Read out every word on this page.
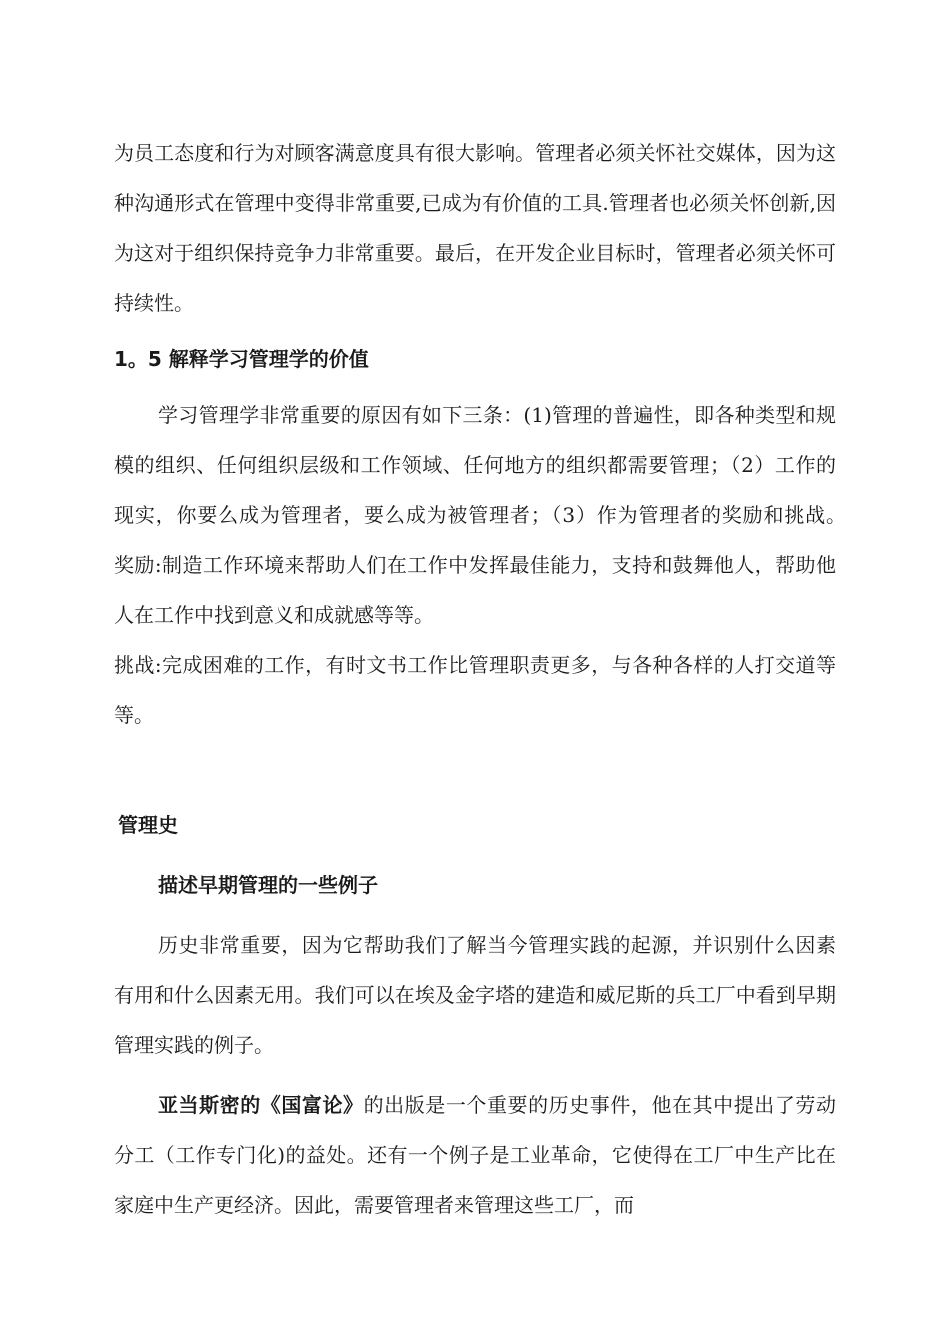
为员工态度和行为对顾客满意度具有很大影响。管理者必须关怀社交媒体，因为这种沟通形式在管理中变得非常重要,已成为有价值的工具.管理者也必须关怀创新,因为这对于组织保持竞争力非常重要。最后，在开发企业目标时，管理者必须关怀可持续性。

1。5 解释学习管理学的价值

学习管理学非常重要的原因有如下三条：(1)管理的普遍性，即各种类型和规模的组织、任何组织层级和工作领域、任何地方的组织都需要管理；（2）工作的现实，你要么成为管理者，要么成为被管理者；（3）作为管理者的奖励和挑战。　 奖励:制造工作环境来帮助人们在工作中发挥最佳能力，支持和鼓舞他人，帮助他人在工作中找到意义和成就感等等。

挑战:完成困难的工作，有时文书工作比管理职责更多，与各种各样的人打交道等等。

管理史
描述早期管理的一些例子

历史非常重要，因为它帮助我们了解当今管理实践的起源，并识别什么因素有用和什么因素无用。我们可以在埃及金字塔的建造和威尼斯的兵工厂中看到早期管理实践的例子。

亚当斯密的《国富论》的出版是一个重要的历史事件，他在其中提出了劳动分工（工作专门化)的益处。还有一个例子是工业革命，它使得在工厂中生产比在家庭中生产更经济。因此，需要管理者来管理这些工厂，而
